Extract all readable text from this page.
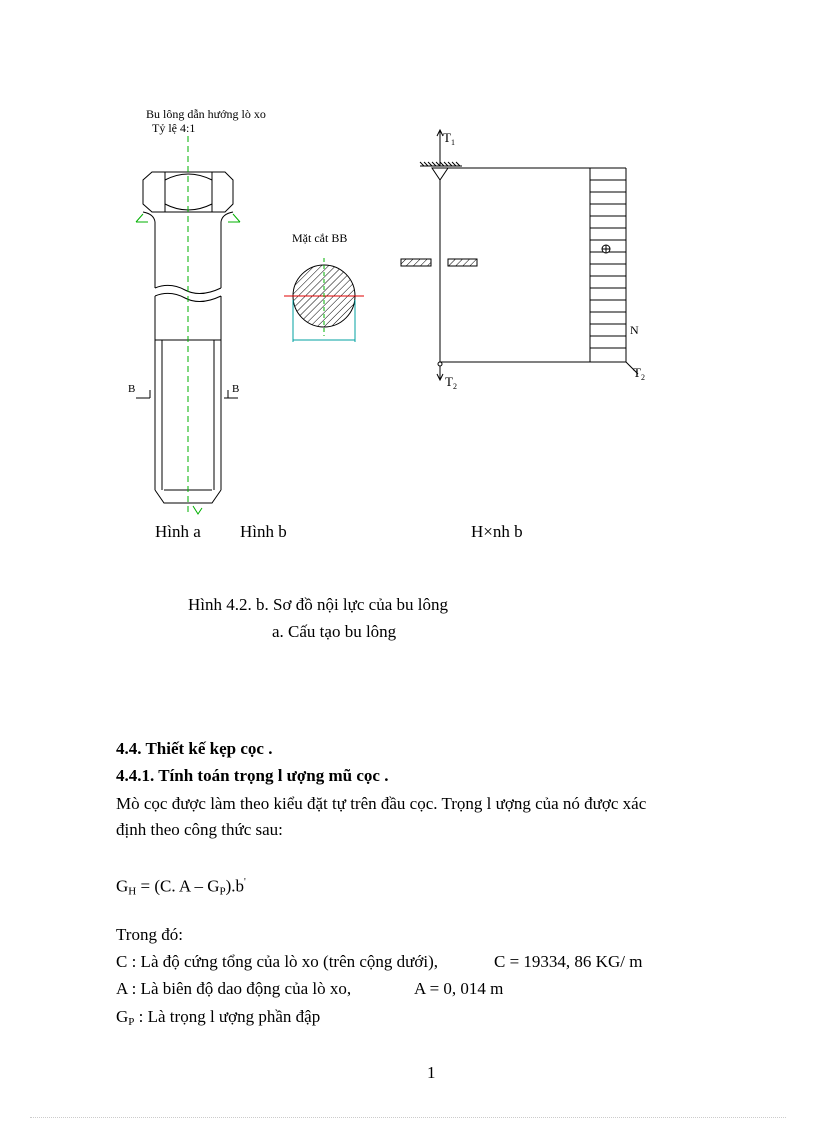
Bu lông dẫn hướng lò xo
Tỷ lệ 4:1
B	B
Mặt cắt BB
$T_1$
$T_2$
$T_2$
N
Hình a Hình b	H×nh b
Hình 4.2. b. Sơ đồ nội lực của bu lông
a. Cấu tạo bu lông
4.4. Thiết kế kẹp cọc .
4.4.1. Tính toán trọng l ượng mũ cọc .
Mò cọc được làm theo kiểu đặt tự trên đầu cọc. Trọng l ượng của nó được xác
định theo công thức sau:
$G_H = (C$. A – $G_P).b'$
Trong đó:
C : Là độ cứng tổng của lò xo (trên cộng dưới),	C = 19334, 86 KG/ m
A : Là biên độ dao động của lò xo,	A = 0, 014 m
$G_P$ : Là trọng l ượng phần đập
1
